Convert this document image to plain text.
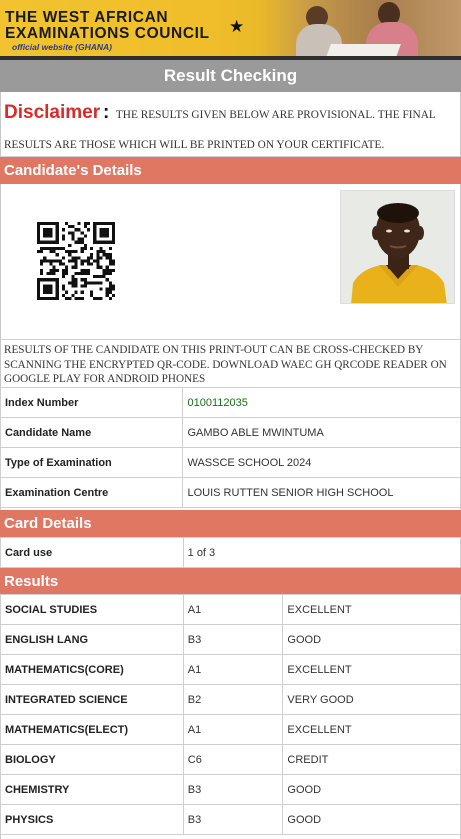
THE WEST AFRICAN
EXAMINATIONS COUNCIL
official website (GHANA)
★
Result Checking
Disclaimer : THE RESULTS GIVEN BELOW ARE PROVISIONAL. THE FINAL RESULTS ARE THOSE WHICH WILL BE PRINTED ON YOUR CERTIFICATE.
Candidate's Details
RESULTS OF THE CANDIDATE ON THIS PRINT-OUT CAN BE CROSS-CHECKED BY SCANNING THE ENCRYPTED QR-CODE. DOWNLOAD WAEC GH QRCODE READER ON GOOGLE PLAY FOR ANDROID PHONES
Index Number	0100112035
Candidate Name	GAMBO ABLE MWINTUMA
Type of Examination	WASSCE SCHOOL 2024
Examination Centre	LOUIS RUTTEN SENIOR HIGH SCHOOL
Card Details
Card use	1 of 3
Results
SOCIAL STUDIES	A1	EXCELLENT
ENGLISH LANG	B3	GOOD
MATHEMATICS(CORE)	A1	EXCELLENT
INTEGRATED SCIENCE	B2	VERY GOOD
MATHEMATICS(ELECT)	A1	EXCELLENT
BIOLOGY	C6	CREDIT
CHEMISTRY	B3	GOOD
PHYSICS	B3	GOOD
